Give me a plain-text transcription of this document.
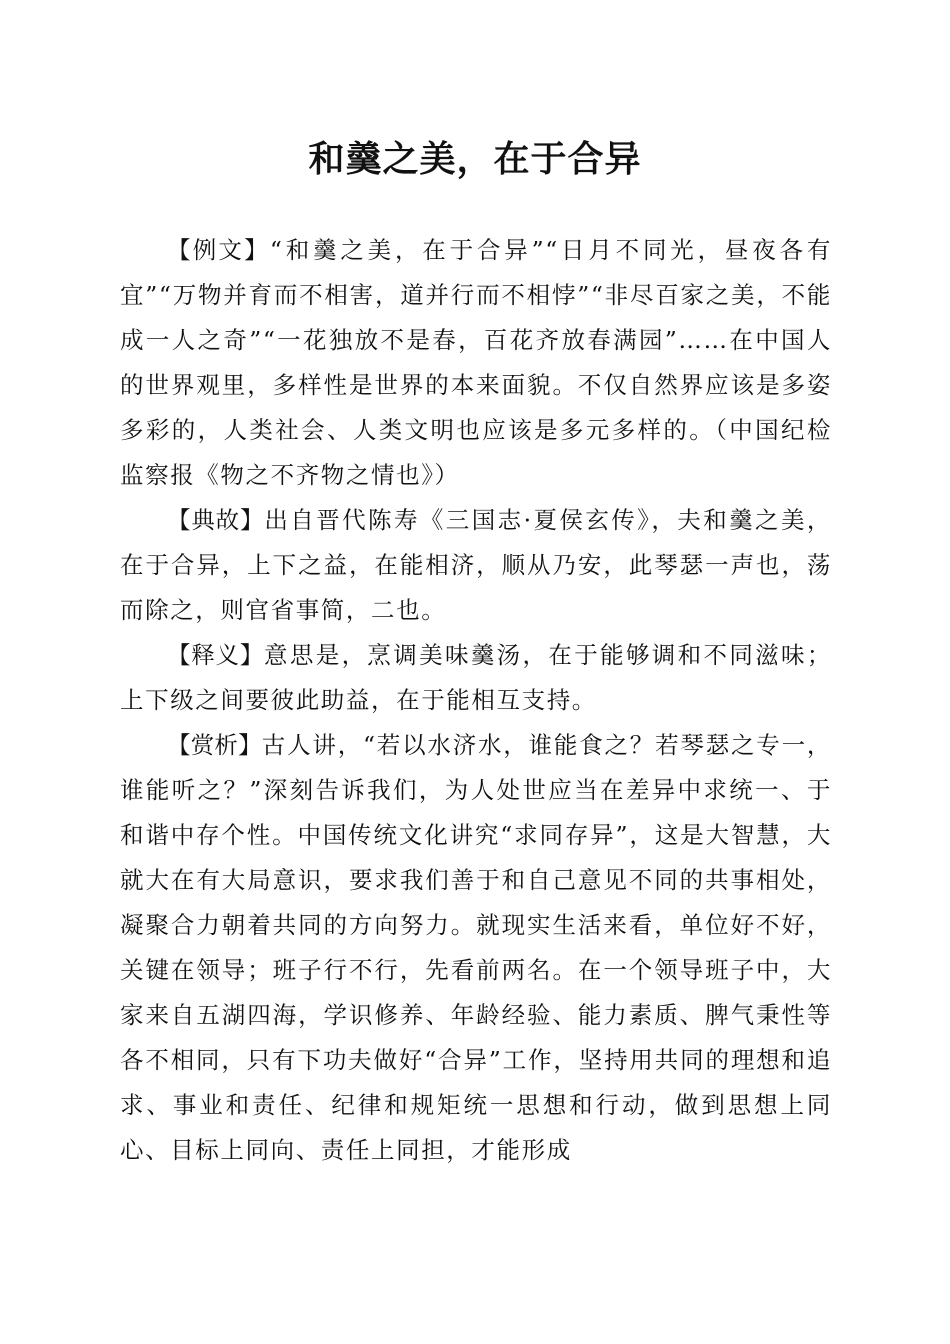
和羹之美，在于合异

【例文】“和羹之美，在于合异”“日月不同光，昼夜各有宜”“万物并育而不相害，道并行而不相悖”“非尽百家之美，不能成一人之奇”“一花独放不是春，百花齐放春满园”……在中国人的世界观里，多样性是世界的本来面貌。不仅自然界应该是多姿多彩的，人类社会、人类文明也应该是多元多样的。（中国纪检监察报《物之不齐物之情也》）

【典故】出自晋代陈寿《三国志·夏侯玄传》，夫和羹之美，在于合异，上下之益，在能相济，顺从乃安，此琴瑟一声也，荡而除之，则官省事简，二也。

【释义】意思是，烹调美味羹汤，在于能够调和不同滋味；上下级之间要彼此助益，在于能相互支持。

【赏析】古人讲，“若以水济水，谁能食之？若琴瑟之专一，谁能听之？”深刻告诉我们，为人处世应当在差异中求统一、于和谐中存个性。中国传统文化讲究“求同存异”，这是大智慧，大就大在有大局意识，要求我们善于和自己意见不同的共事相处，凝聚合力朝着共同的方向努力。就现实生活来看，单位好不好，关键在领导；班子行不行，先看前两名。在一个领导班子中，大家来自五湖四海，学识修养、年龄经验、能力素质、脾气秉性等各不相同，只有下功夫做好“合异”工作，坚持用共同的理想和追求、事业和责任、纪律和规矩统一思想和行动，做到思想上同心、目标上同向、责任上同担，才能形成
